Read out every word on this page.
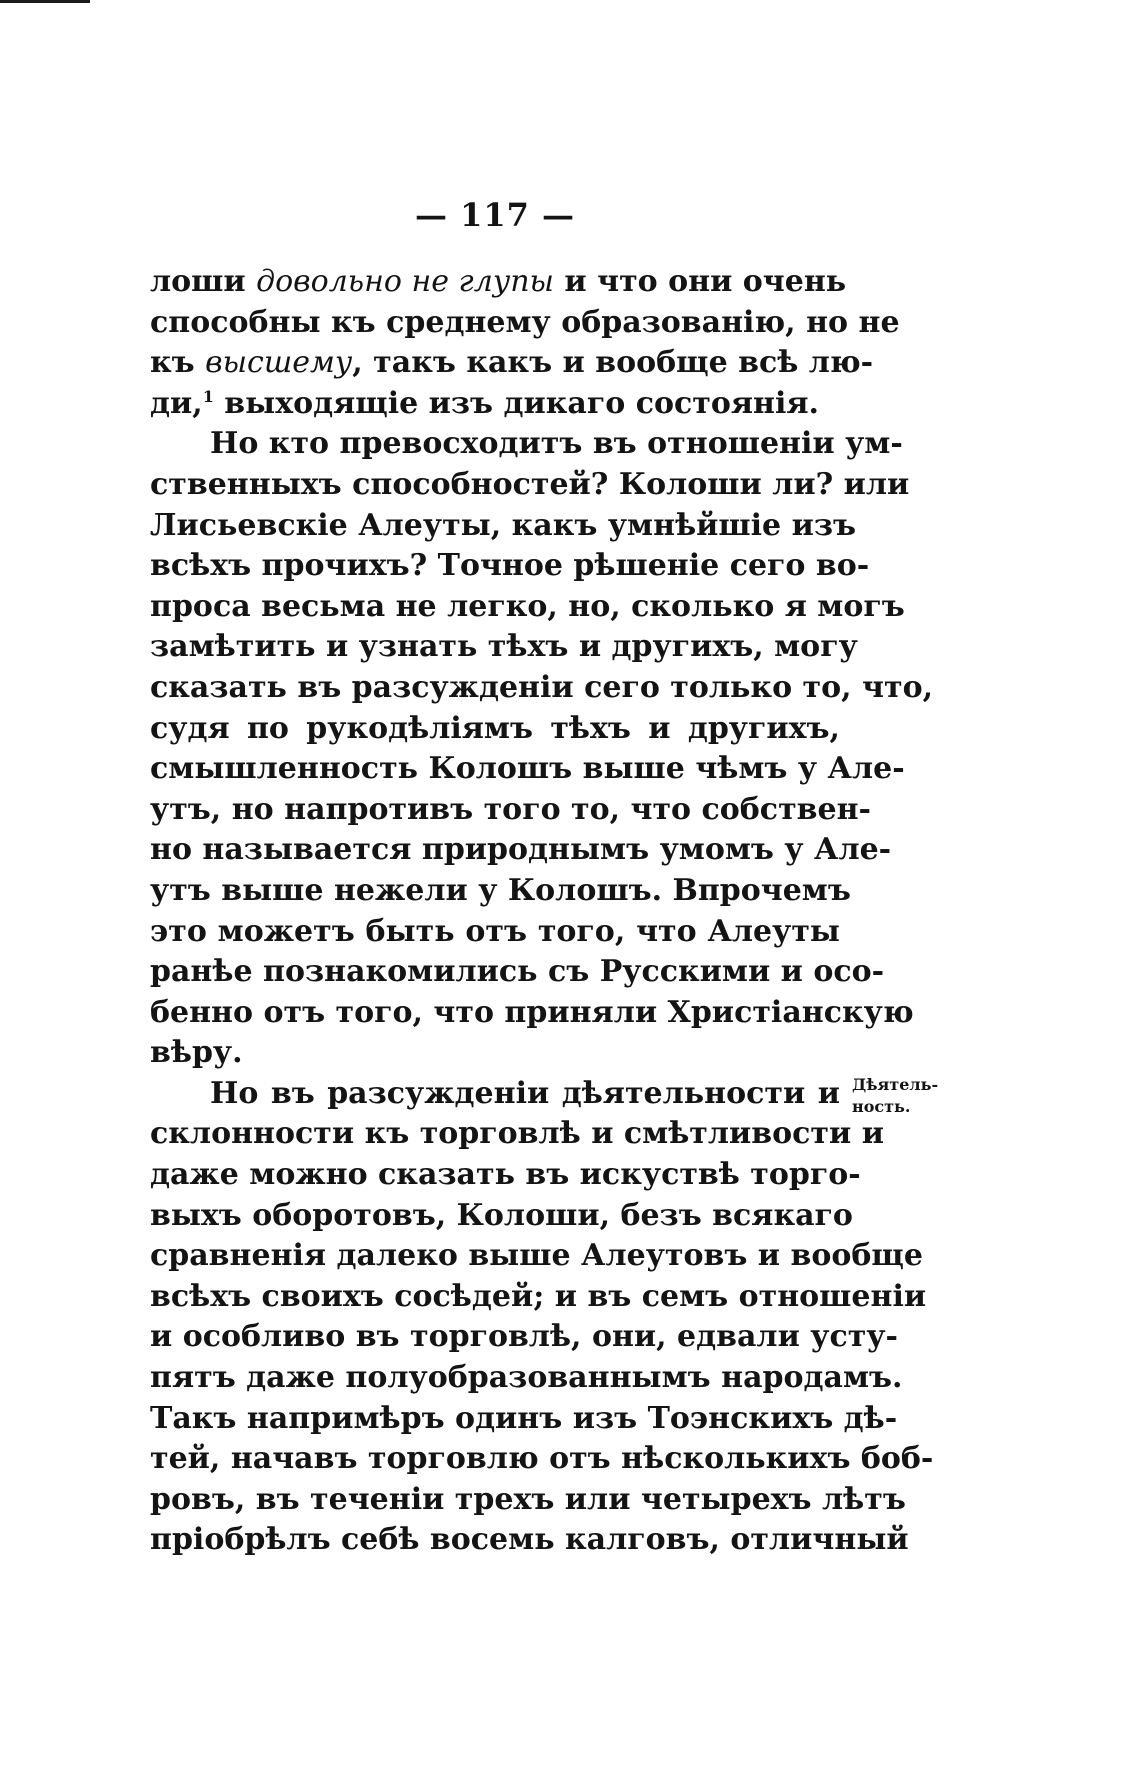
— 117 —
лоши довольно не глупы и что они очень
способны къ среднему образованію, но не
къ высшему, такъ какъ и вообще всѣ лю-
ди,$^1$ выходящіе изъ дикаго состоянія.
Но кто превосходитъ въ отношеніи ум-
ственныхъ способностей? Колоши ли? или
Лисьевскіе Алеуты, какъ умнѣйшіе изъ
всѣхъ прочихъ? Точное рѣшеніе сего во-
проса весьма не легко, но, сколько я могъ
замѣтить и узнать тѣхъ и другихъ, могу
сказать въ разсужденіи сего только то, что,
судя по рукодѣліямъ тѣхъ и другихъ,
смышленность Колошъ выше чѣмъ у Але-
утъ, но напротивъ того то, что собствен-
но называется природнымъ умомъ у Але-
утъ выше нежели у Колошъ. Впрочемъ
это можетъ быть отъ того, что Алеуты
ранѣе познакомились съ Русскими и осо-
бенно отъ того, что приняли Христіанскую
вѣру.
Но въ разсужденіи дѣятельности и
склонности къ торговлѣ и смѣтливости и
даже можно сказать въ искуствѣ торго-
выхъ оборотовъ, Колоши, безъ всякаго
сравненія далеко выше Алеутовъ и вообще
всѣхъ своихъ сосѣдей; и въ семъ отношеніи
и особливо въ торговлѣ, они, едвали усту-
пятъ даже полуобразованнымъ народамъ.
Такъ напримѣръ одинъ изъ Тоэнскихъ дѣ-
тей, начавъ торговлю отъ нѣсколькихъ боб-
ровъ, въ теченіи трехъ или четырехъ лѣтъ
пріобрѣлъ себѣ восемь калговъ, отличный
Дѣятель-
ность.
